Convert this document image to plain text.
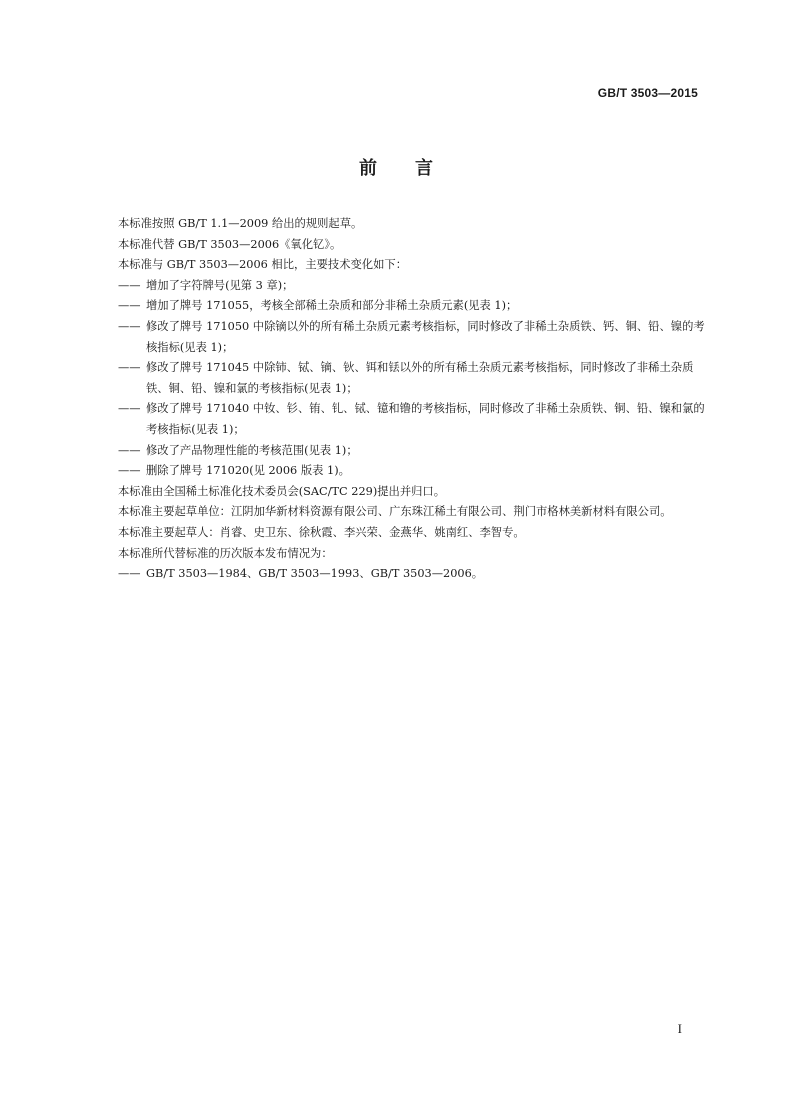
GB/T 3503—2015
前 言

本标准按照 GB/T 1.1—2009 给出的规则起草。

本标准代替 GB/T 3503—2006《氧化钇》。

本标准与 GB/T 3503—2006 相比，主要技术变化如下：

—— 增加了字符牌号(见第 3 章)；
—— 增加了牌号 171055，考核全部稀土杂质和部分非稀土杂质元素(见表 1)；
—— 修改了牌号 171050 中除镝以外的所有稀土杂质元素考核指标，同时修改了非稀土杂质铁、钙、铜、铅、镍的考核指标(见表 1)；
—— 修改了牌号 171045 中除铈、铽、镝、钬、铒和铥以外的所有稀土杂质元素考核指标，同时修改了非稀土杂质铁、铜、铅、镍和氯的考核指标(见表 1)；
—— 修改了牌号 171040 中钕、钐、铕、钆、铽、镱和镥的考核指标，同时修改了非稀土杂质铁、铜、铅、镍和氯的考核指标(见表 1)；
—— 修改了产品物理性能的考核范围(见表 1)；
—— 删除了牌号 171020(见 2006 版表 1)。

本标准由全国稀土标准化技术委员会(SAC/TC 229)提出并归口。

本标准主要起草单位：江阴加华新材料资源有限公司、广东珠江稀土有限公司、荆门市格林美新材料有限公司。

本标准主要起草人：肖睿、史卫东、徐秋霞、李兴荣、金燕华、姚南红、李智专。

本标准所代替标准的历次版本发布情况为：

—— GB/T 3503—1984、GB/T 3503—1993、GB/T 3503—2006。
I
